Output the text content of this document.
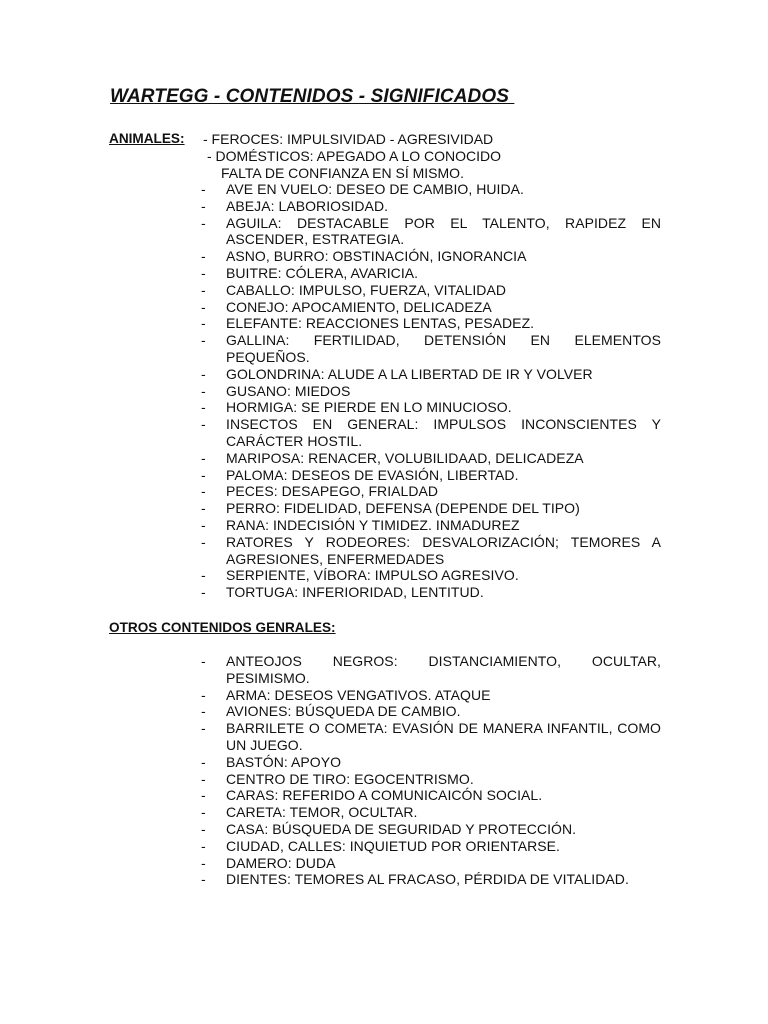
WARTEGG - CONTENIDOS - SIGNIFICADOS
ANIMALES: - FEROCES: IMPULSIVIDAD - AGRESIVIDAD
- DOMÉSTICOS: APEGADO A LO CONOCIDO
FALTA DE CONFIANZA EN SÍ MISMO.
- AVE EN VUELO: DESEO DE CAMBIO, HUIDA.
- ABEJA: LABORIOSIDAD.
- AGUILA: DESTACABLE POR EL TALENTO, RAPIDEZ EN ASCENDER, ESTRATEGIA.
- ASNO, BURRO: OBSTINACIÓN, IGNORANCIA
- BUITRE: CÓLERA, AVARICIA.
- CABALLO: IMPULSO, FUERZA, VITALIDAD
- CONEJO: APOCAMIENTO, DELICADEZA
- ELEFANTE: REACCIONES LENTAS, PESADEZ.
- GALLINA: FERTILIDAD, DETENSIÓN EN ELEMENTOS PEQUEÑOS.
- GOLONDRINA: ALUDE A LA LIBERTAD DE IR Y VOLVER
- GUSANO: MIEDOS
- HORMIGA: SE PIERDE EN LO MINUCIOSO.
- INSECTOS EN GENERAL: IMPULSOS INCONSCIENTES Y CARÁCTER HOSTIL.
- MARIPOSA: RENACER, VOLUBILIDAAD, DELICADEZA
- PALOMA: DESEOS DE EVASIÓN, LIBERTAD.
- PECES: DESAPEGO, FRIALDAD
- PERRO: FIDELIDAD, DEFENSA (DEPENDE DEL TIPO)
- RANA: INDECISIÓN Y TIMIDEZ. INMADUREZ
- RATORES Y RODEORES: DESVALORIZACIÓN; TEMORES A AGRESIONES, ENFERMEDADES
- SERPIENTE, VÍBORA: IMPULSO AGRESIVO.
- TORTUGA: INFERIORIDAD, LENTITUD.
OTROS CONTENIDOS GENRALES:
- ANTEOJOS NEGROS: DISTANCIAMIENTO, OCULTAR, PESIMISMO.
- ARMA: DESEOS VENGATIVOS. ATAQUE
- AVIONES: BÚSQUEDA DE CAMBIO.
- BARRILETE O COMETA: EVASIÓN DE MANERA INFANTIL, COMO UN JUEGO.
- BASTÓN: APOYO
- CENTRO DE TIRO: EGOCENTRISMO.
- CARAS: REFERIDO A COMUNICAICÓN SOCIAL.
- CARETA: TEMOR, OCULTAR.
- CASA: BÚSQUEDA DE SEGURIDAD Y PROTECCIÓN.
- CIUDAD, CALLES: INQUIETUD POR ORIENTARSE.
- DAMERO: DUDA
- DIENTES: TEMORES AL FRACASO, PÉRDIDA DE VITALIDAD.
